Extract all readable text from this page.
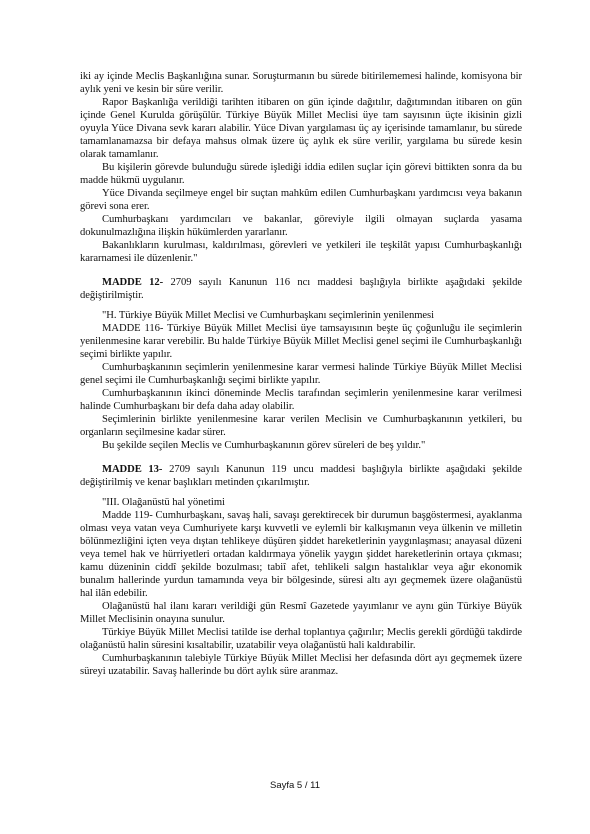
iki ay içinde Meclis Başkanlığına sunar. Soruşturmanın bu sürede bitirilememesi halinde, komisyona bir aylık yeni ve kesin bir süre verilir.

Rapor Başkanlığa verildiği tarihten itibaren on gün içinde dağıtılır, dağıtımından itibaren on gün içinde Genel Kurulda görüşülür. Türkiye Büyük Millet Meclisi üye tam sayısının üçte ikisinin gizli oyuyla Yüce Divana sevk kararı alabilir. Yüce Divan yargılaması üç ay içerisinde tamamlanır, bu sürede tamamlanamazsa bir defaya mahsus olmak üzere üç aylık ek süre verilir, yargılama bu sürede kesin olarak tamamlanır.

Bu kişilerin görevde bulunduğu sürede işlediği iddia edilen suçlar için görevi bittikten sonra da bu madde hükmü uygulanır.

Yüce Divanda seçilmeye engel bir suçtan mahkûm edilen Cumhurbaşkanı yardımcısı veya bakanın görevi sona erer.

Cumhurbaşkanı yardımcıları ve bakanlar, göreviyle ilgili olmayan suçlarda yasama dokunulmazlığına ilişkin hükümlerden yararlanır.

Bakanlıkların kurulması, kaldırılması, görevleri ve yetkileri ile teşkilât yapısı Cumhurbaşkanlığı kararnamesi ile düzenlenir."

MADDE 12- 2709 sayılı Kanunun 116 ncı maddesi başlığıyla birlikte aşağıdaki şekilde değiştirilmiştir.

"H. Türkiye Büyük Millet Meclisi ve Cumhurbaşkanı seçimlerinin yenilenmesi

MADDE 116- Türkiye Büyük Millet Meclisi üye tamsayısının beşte üç çoğunluğu ile seçimlerin yenilenmesine karar verebilir. Bu halde Türkiye Büyük Millet Meclisi genel seçimi ile Cumhurbaşkanlığı seçimi birlikte yapılır.

Cumhurbaşkanının seçimlerin yenilenmesine karar vermesi halinde Türkiye Büyük Millet Meclisi genel seçimi ile Cumhurbaşkanlığı seçimi birlikte yapılır.

Cumhurbaşkanının ikinci döneminde Meclis tarafından seçimlerin yenilenmesine karar verilmesi halinde Cumhurbaşkanı bir defa daha aday olabilir.

Seçimlerinin birlikte yenilenmesine karar verilen Meclisin ve Cumhurbaşkanının yetkileri, bu organların seçilmesine kadar sürer.

Bu şekilde seçilen Meclis ve Cumhurbaşkanının görev süreleri de beş yıldır."

MADDE 13- 2709 sayılı Kanunun 119 uncu maddesi başlığıyla birlikte aşağıdaki şekilde değiştirilmiş ve kenar başlıkları metinden çıkarılmıştır.

"III. Olağanüstü hal yönetimi

Madde 119- Cumhurbaşkanı, savaş hali, savaşı gerektirecek bir durumun başgöstermesi, ayaklanma olması veya vatan veya Cumhuriyete karşı kuvvetli ve eylemli bir kalkışmanın veya ülkenin ve milletin bölünmezliğini içten veya dıştan tehlikeye düşüren şiddet hareketlerinin yaygınlaşması; anayasal düzeni veya temel hak ve hürriyetleri ortadan kaldırmaya yönelik yaygın şiddet hareketlerinin ortaya çıkması; kamu düzeninin ciddî şekilde bozulması; tabiî afet, tehlikeli salgın hastalıklar veya ağır ekonomik bunalım hallerinde yurdun tamamında veya bir bölgesinde, süresi altı ayı geçmemek üzere olağanüstü hal ilân edebilir.

Olağanüstü hal ilanı kararı verildiği gün Resmî Gazetede yayımlanır ve aynı gün Türkiye Büyük Millet Meclisinin onayına sunulur.

Türkiye Büyük Millet Meclisi tatilde ise derhal toplantıya çağırılır; Meclis gerekli gördüğü takdirde olağanüstü halin süresini kısaltabilir, uzatabilir veya olağanüstü hali kaldırabilir.

Cumhurbaşkanının talebiyle Türkiye Büyük Millet Meclisi her defasında dört ayı geçmemek üzere süreyi uzatabilir. Savaş hallerinde bu dört aylık süre aranmaz.

Sayfa 5 / 11
